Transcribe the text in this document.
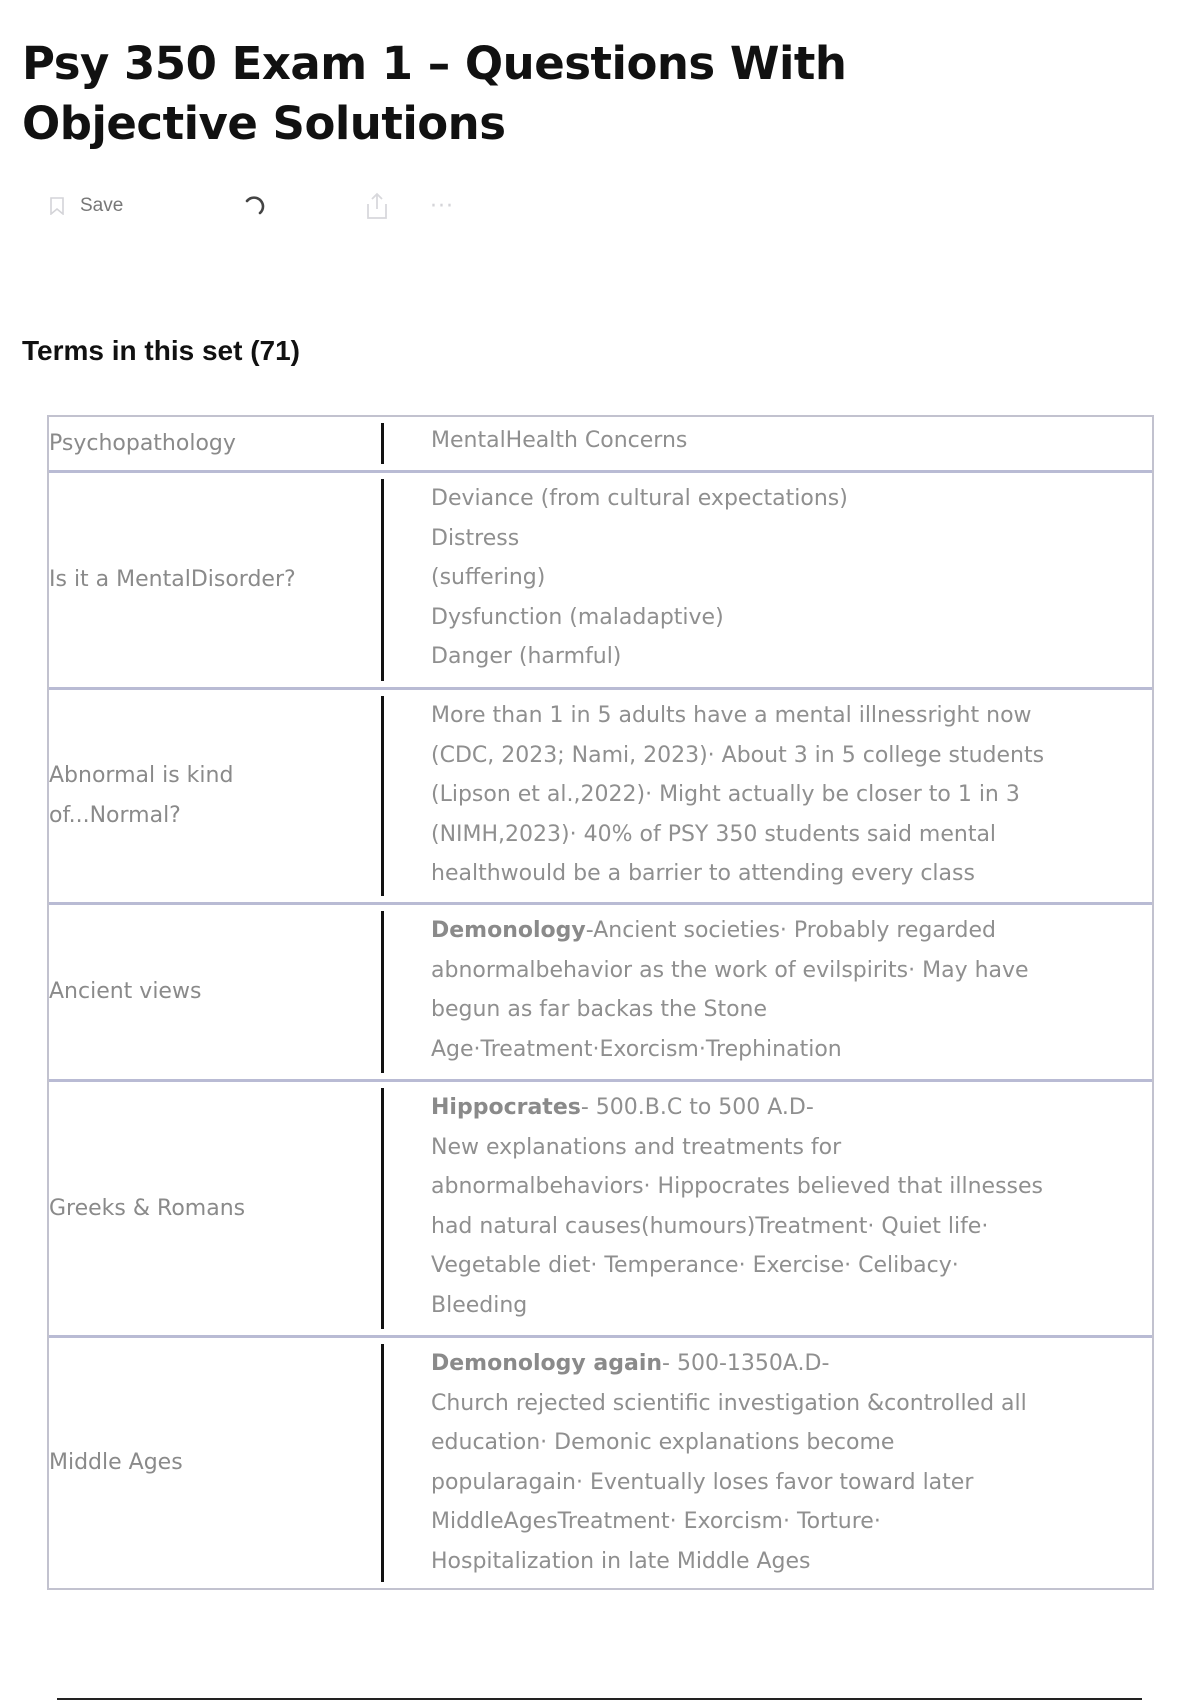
Psy 350 Exam 1 – Questions With Objective Solutions
Save	···
Terms in this set (71)
Psychopathology	MentalHealth Concerns
Is it a MentalDisorder?
Deviance (from cultural expectations)
Distress
(suffering)
Dysfunction (maladaptive)
Danger (harmful)
Abnormal is kind of...Normal?
More than 1 in 5 adults have a mental illnessright now
(CDC, 2023; Nami, 2023)· About 3 in 5 college students
(Lipson et al.,2022)· Might actually be closer to 1 in 3
(NIMH,2023)· 40% of PSY 350 students said mental
healthwould be a barrier to attending every class
Ancient views
Demonology-Ancient societies· Probably regarded
abnormalbehavior as the work of evilspirits· May have
begun as far backas the Stone
Age·Treatment·Exorcism·Trephination
Greeks & Romans
Hippocrates- 500.B.C to 500 A.D-
New explanations and treatments for
abnormalbehaviors· Hippocrates believed that illnesses
had natural causes(humours)Treatment· Quiet life·
Vegetable diet· Temperance· Exercise· Celibacy·
Bleeding
Middle Ages
Demonology again- 500-1350A.D-
Church rejected scientific investigation &controlled all
education· Demonic explanations become
popularagain· Eventually loses favor toward later
MiddleAgesTreatment· Exorcism· Torture·
Hospitalization in late Middle Ages
